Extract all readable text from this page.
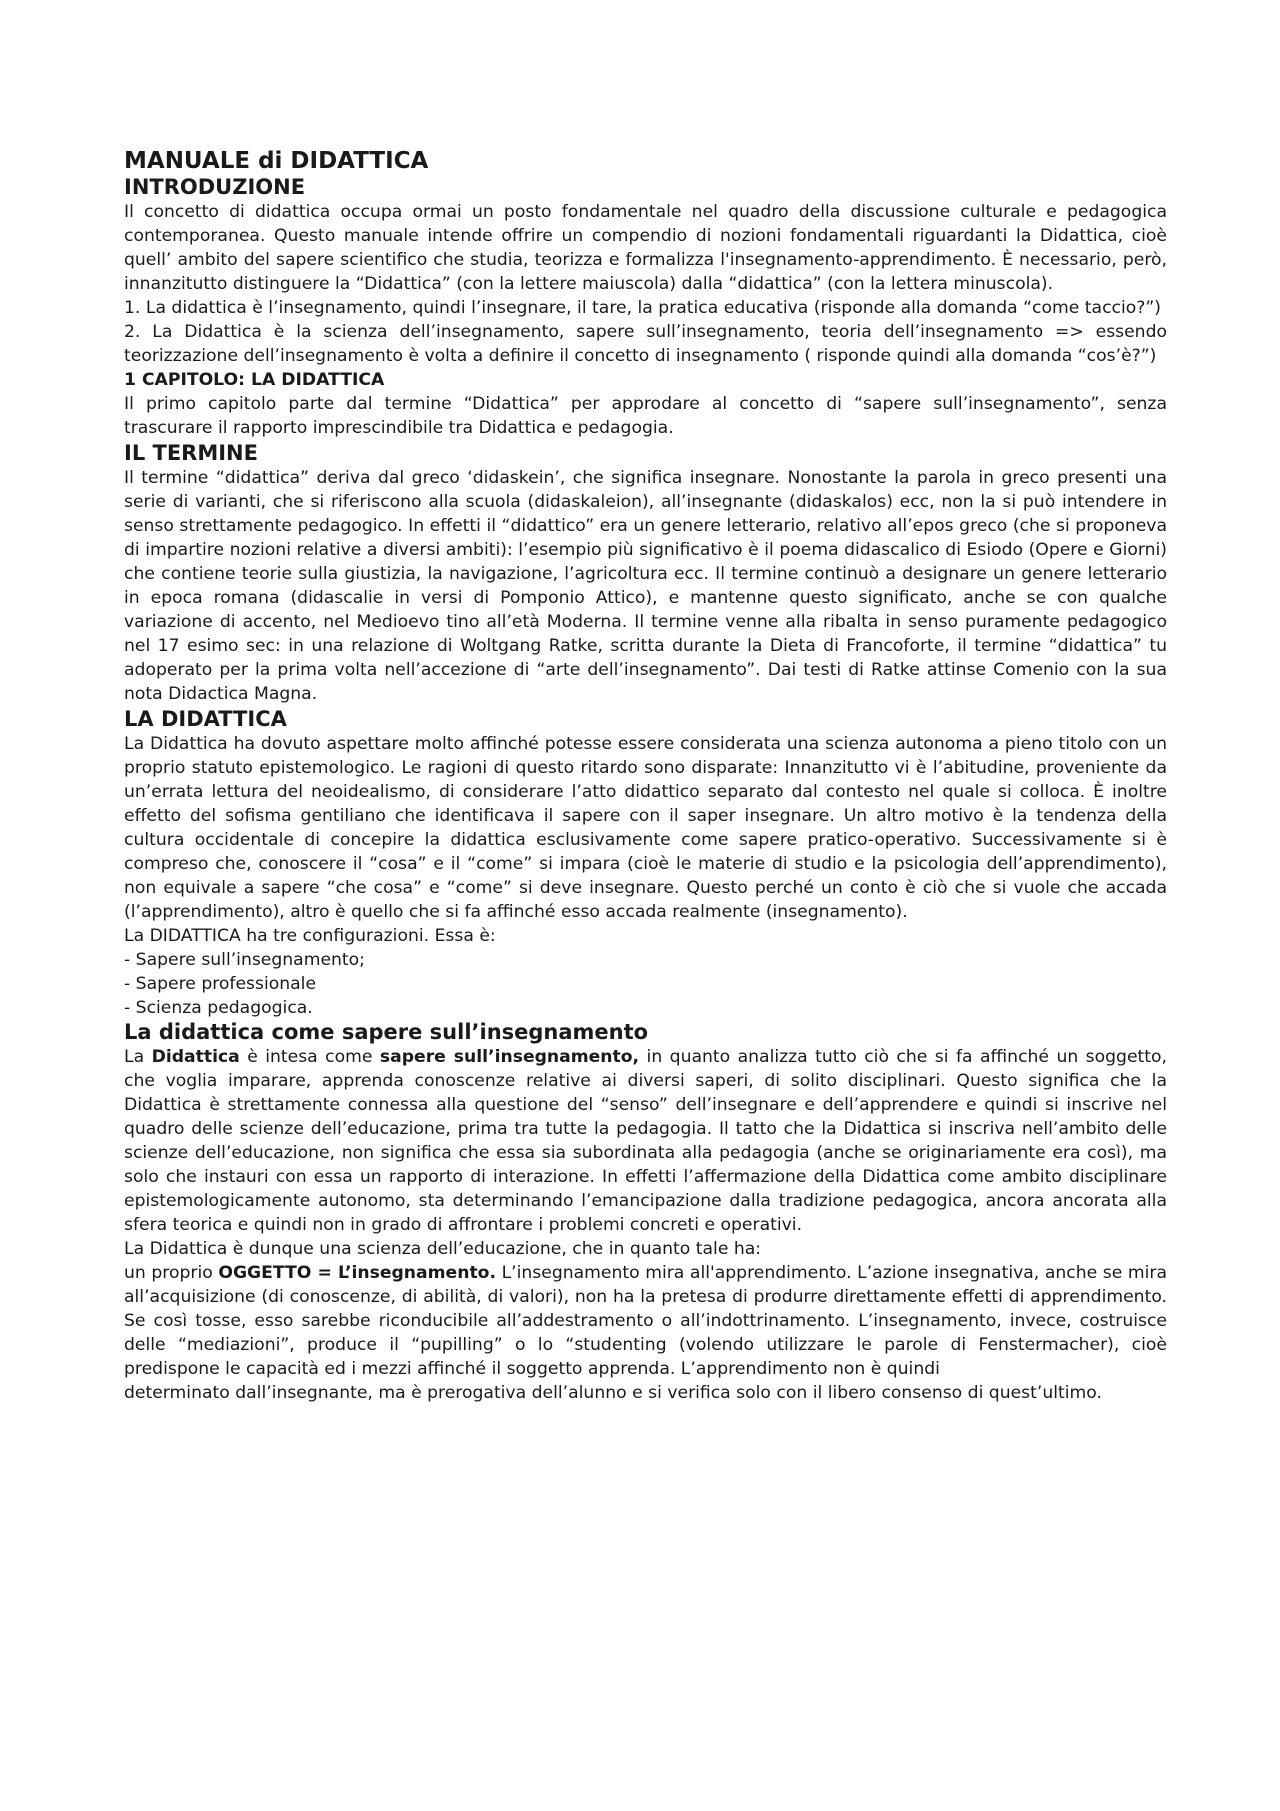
MANUALE di DIDATTICA
INTRODUZIONE

Il concetto di didattica occupa ormai un posto fondamentale nel quadro della discussione culturale e pedagogica contemporanea. Questo manuale intende offrire un compendio di nozioni fondamentali riguardanti la Didattica, cioè quell’ ambito del sapere scientifico che studia, teorizza e formalizza l'insegnamento-apprendimento. È necessario, però, innanzitutto distinguere la “Didattica” (con la lettere maiuscola) dalla “didattica” (con la lettera minuscola).

1. La didattica è l’insegnamento, quindi l’insegnare, il tare, la pratica educativa (risponde alla domanda “come taccio?”)

2. La Didattica è la scienza dell’insegnamento, sapere sull’insegnamento, teoria dell’insegnamento => essendo teorizzazione dell’insegnamento è volta a definire il concetto di insegnamento ( risponde quindi alla domanda “cos’è?”)

1 CAPITOLO: LA DIDATTICA

Il primo capitolo parte dal termine “Didattica” per approdare al concetto di “sapere sull’insegnamento”, senza trascurare il rapporto imprescindibile tra Didattica e pedagogia.

IL TERMINE

Il termine “didattica” deriva dal greco ‘didaskein’, che significa insegnare. Nonostante la parola in greco presenti una serie di varianti, che si riferiscono alla scuola (didaskaleion), all’insegnante (didaskalos) ecc, non la si può intendere in senso strettamente pedagogico. In effetti il “didattico” era un genere letterario, relativo all’epos greco (che si proponeva di impartire nozioni relative a diversi ambiti): l’esempio più significativo è il poema didascalico di Esiodo (Opere e Giorni) che contiene teorie sulla giustizia, la navigazione, l’agricoltura ecc. Il termine continuò a designare un genere letterario in epoca romana (didascalie in versi di Pomponio Attico), e mantenne questo significato, anche se con qualche variazione di accento, nel Medioevo tino all’età Moderna. Il termine venne alla ribalta in senso puramente pedagogico nel 17 esimo sec: in una relazione di Woltgang Ratke, scritta durante la Dieta di Francoforte, il termine “didattica” tu adoperato per la prima volta nell’accezione di “arte dell’insegnamento”. Dai testi di Ratke attinse Comenio con la sua nota Didactica Magna.

LA DIDATTICA

La Didattica ha dovuto aspettare molto affinché potesse essere considerata una scienza autonoma a pieno titolo con un proprio statuto epistemologico. Le ragioni di questo ritardo sono disparate: Innanzitutto vi è l’abitudine, proveniente da un’errata lettura del neoidealismo, di considerare l’atto didattico separato dal contesto nel quale si colloca. È inoltre effetto del sofisma gentiliano che identificava il sapere con il saper insegnare. Un altro motivo è la tendenza della cultura occidentale di concepire la didattica esclusivamente come sapere pratico-operativo. Successivamente si è compreso che, conoscere il “cosa” e il “come” si impara (cioè le materie di studio e la psicologia dell’apprendimento), non equivale a sapere “che cosa” e “come” si deve insegnare. Questo perché un conto è ciò che si vuole che accada (l’apprendimento), altro è quello che si fa affinché esso accada realmente (insegnamento).

La DIDATTICA ha tre configurazioni. Essa è:
- Sapere sull’insegnamento;
- Sapere professionale
- Scienza pedagogica.
La didattica come sapere sull’insegnamento

La Didattica è intesa come sapere sull’insegnamento, in quanto analizza tutto ciò che si fa affinché un soggetto, che voglia imparare, apprenda conoscenze relative ai diversi saperi, di solito disciplinari. Questo significa che la Didattica è strettamente connessa alla questione del “senso” dell’insegnare e dell’apprendere e quindi si inscrive nel quadro delle scienze dell’educazione, prima tra tutte la pedagogia. Il tatto che la Didattica si inscriva nell’ambito delle scienze dell’educazione, non significa che essa sia subordinata alla pedagogia (anche se originariamente era così), ma solo che instauri con essa un rapporto di interazione. In effetti l’affermazione della Didattica come ambito disciplinare epistemologicamente autonomo, sta determinando l’emancipazione dalla tradizione pedagogica, ancora ancorata alla sfera teorica e quindi non in grado di affrontare i problemi concreti e operativi.

La Didattica è dunque una scienza dell’educazione, che in quanto tale ha:

un proprio OGGETTO = L’insegnamento. L’insegnamento mira all'apprendimento. L’azione insegnativa, anche se mira all’acquisizione (di conoscenze, di abilità, di valori), non ha la pretesa di produrre direttamente effetti di apprendimento. Se così tosse, esso sarebbe riconducibile all’addestramento o all’indottrinamento. L’insegnamento, invece, costruisce delle “mediazioni”, produce il “pupilling” o lo “studenting (volendo utilizzare le parole di Fenstermacher), cioè predispone le capacità ed i mezzi affinché il soggetto apprenda. L’apprendimento non è quindi

determinato dall’insegnante, ma è prerogativa dell’alunno e si verifica solo con il libero consenso di quest’ultimo.
